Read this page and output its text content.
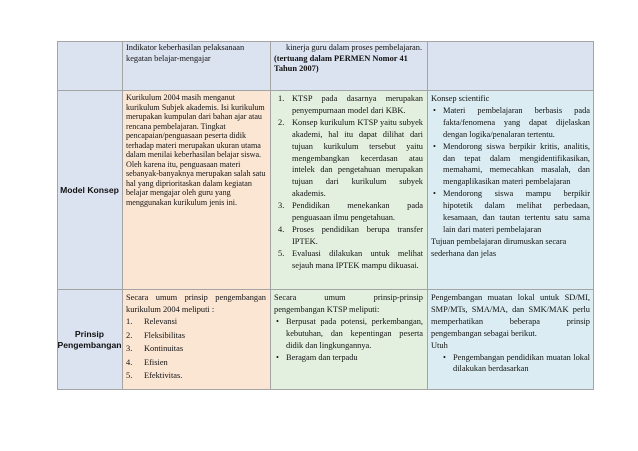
Indikator keberhasilan pelaksanaan kegatan belajar-mengajar
kinerja guru dalam proses pembelajaran.
(tertuang dalam PERMEN Nomor 41 Tahun 2007)
Model Konsep
Kurikulum 2004 masih menganut kurikulum Subjek akademis. Isi kurikulum merupakan kumpulan dari bahan ajar atau rencana pembelajaran. Tingkat pencapaian/penguasaan peserta didik terhadap materi merupakan ukuran utama dalam menilai keberhasilan belajar siswa. Oleh karena itu, penguasaan materi sebanyak-banyaknya merupakan salah satu hal yang diprioritaskan dalam kegiatan belajar mengajar oleh guru yang menggunakan kurikulum jenis ini.
1. KTSP pada dasarnya merupakan penyempurnaan model dari KBK.
2. Konsep kurikulum KTSP yaitu subyek akademi, hal itu dapat dilihat dari tujuan kurikulum tersebut yaitu mengembangkan kecerdasan atau intelek dan pengetahuan merupakan tujuan dari kurikulum subyek akademis.
3. Pendidikan menekankan pada penguasaan ilmu pengetahuan.
4. Proses pendidikan berupa transfer IPTEK.
5. Evaluasi dilakukan untuk melihat sejauh mana IPTEK mampu dikuasai.
Konsep scientific
• Materi pembelajaran berbasis pada fakta/fenomena yang dapat dijelaskan dengan logika/penalaran tertentu.
• Mendorong siswa berpikir kritis, analitis, dan tepat dalam mengidentifikasikan, memahami, memecahkan masalah, dan mengaplikasikan materi pembelajaran
• Mendorong siswa mampu berpikir hipotetik dalam melihat perbedaan, kesamaan, dan tautan tertentu satu sama lain dari materi pembelajaran
Tujuan pembelajaran dirumuskan secara sederhana dan jelas
Prinsip Pengembangan
Secara umum prinsip pengembangan kurikulum 2004 meliputi :
1. Relevansi
2. Fleksibilitas
3. Kontinuitas
4. Efisien
5. Efektivitas.
Secara umum prinsip-prinsip pengembangan KTSP meliputi:
• Berpusat pada potensi, perkembangan, kebutuhan, dan kepentingan peserta didik dan lingkungannya.
• Beragam dan terpadu
Pengembangan muatan lokal untuk SD/MI, SMP/MTs, SMA/MA, dan SMK/MAK perlu memperhatikan beberapa prinsip pengembangan sebagai berikut.
Utuh
• Pengembangan pendidikan muatan lokal dilakukan berdasarkan
